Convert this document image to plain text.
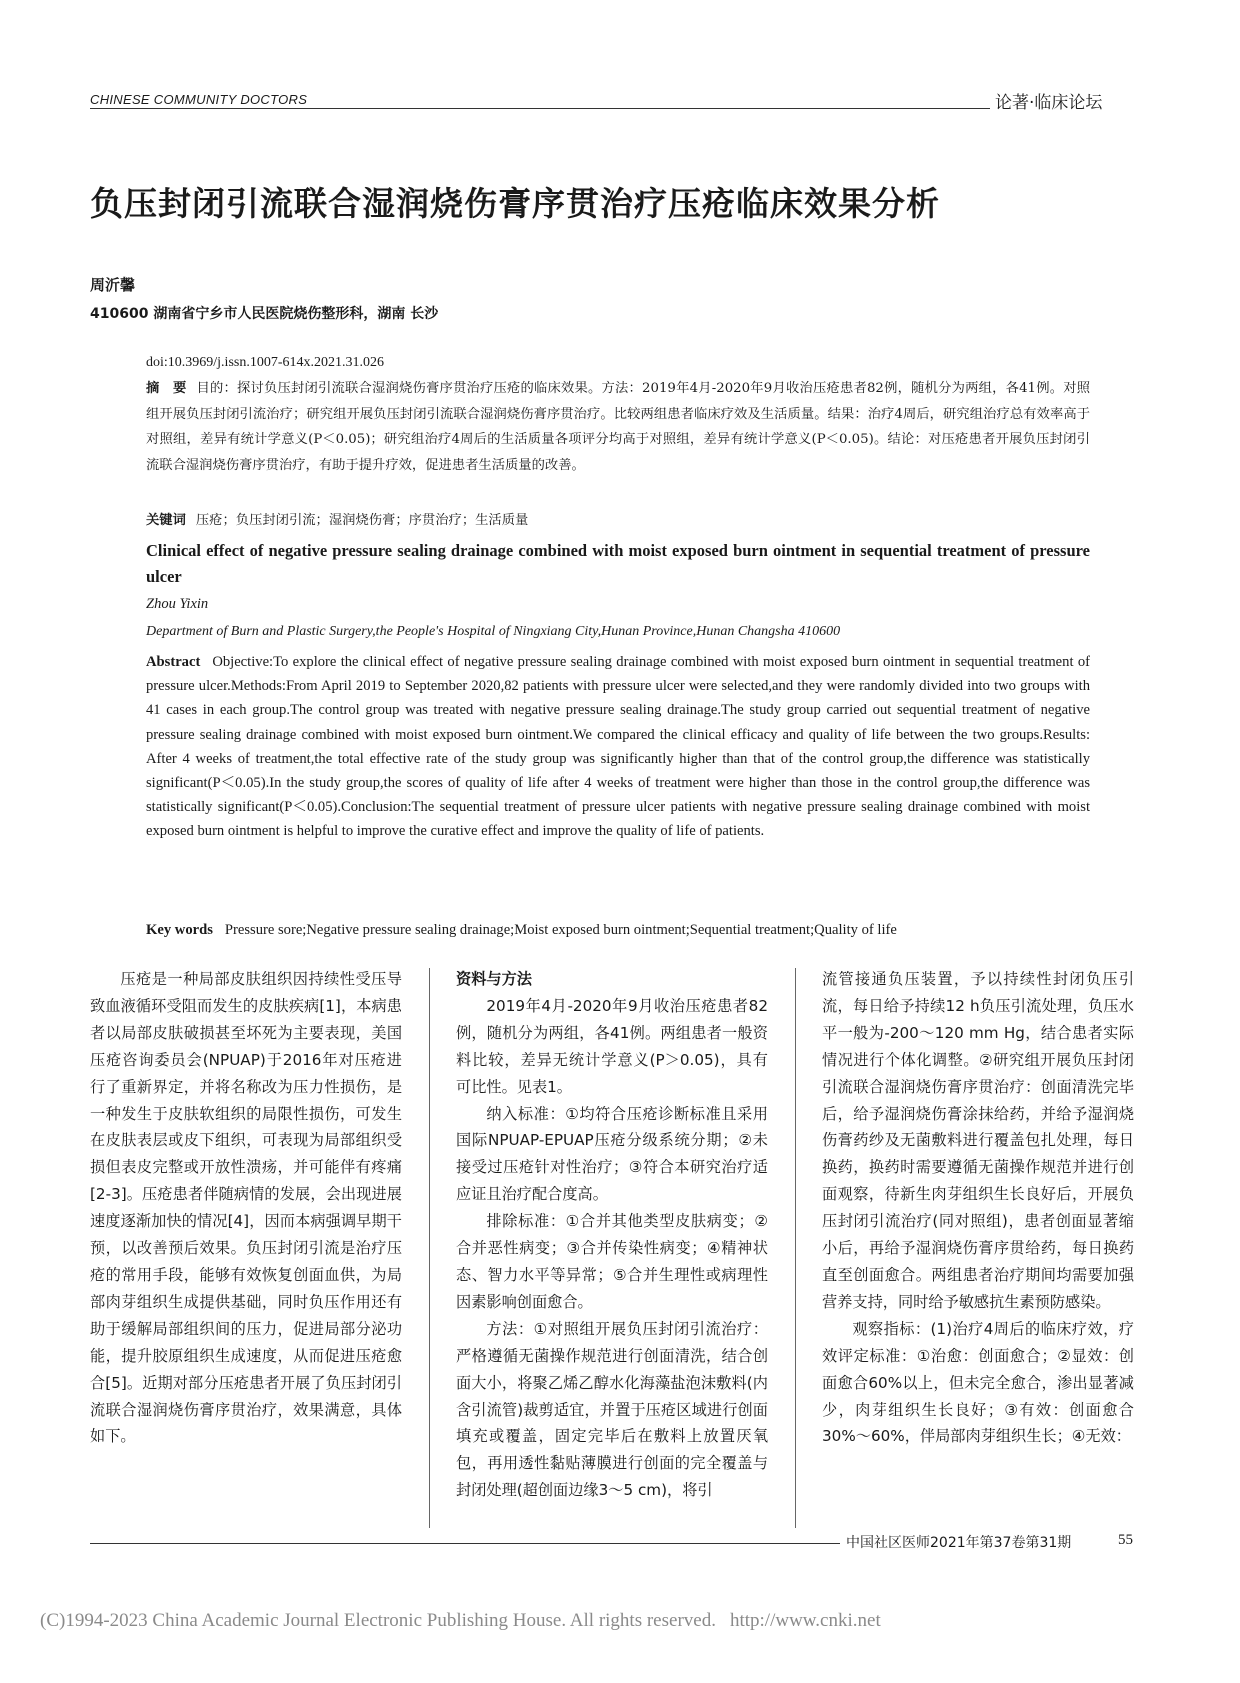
CHINESE COMMUNITY DOCTORS	论著·临床论坛
负压封闭引流联合湿润烧伤膏序贯治疗压疮临床效果分析
周沂馨
410600 湖南省宁乡市人民医院烧伤整形科，湖南 长沙
doi:10.3969/j.issn.1007-614x.2021.31.026
摘　要 目的：探讨负压封闭引流联合湿润烧伤膏序贯治疗压疮的临床效果。方法：2019年4月-2020年9月收治压疮患者82例，随机分为两组，各41例。对照组开展负压封闭引流治疗；研究组开展负压封闭引流联合湿润烧伤膏序贯治疗。比较两组患者临床疗效及生活质量。结果：治疗4周后，研究组治疗总有效率高于对照组，差异有统计学意义(P＜0.05)；研究组治疗4周后的生活质量各项评分均高于对照组，差异有统计学意义(P＜0.05)。结论：对压疮患者开展负压封闭引流联合湿润烧伤膏序贯治疗，有助于提升疗效，促进患者生活质量的改善。
关键词 压疮；负压封闭引流；湿润烧伤膏；序贯治疗；生活质量
Clinical effect of negative pressure sealing drainage combined with moist exposed burn ointment in sequential treatment of pressure ulcer
Zhou Yixin
Department of Burn and Plastic Surgery,the People's Hospital of Ningxiang City,Hunan Province,Hunan Changsha 410600
Abstract Objective:To explore the clinical effect of negative pressure sealing drainage combined with moist exposed burn ointment in sequential treatment of pressure ulcer.Methods:From April 2019 to September 2020,82 patients with pressure ulcer were selected,and they were randomly divided into two groups with 41 cases in each group.The control group was treated with negative pressure sealing drainage.The study group carried out sequential treatment of negative pressure sealing drainage combined with moist exposed burn ointment.We compared the clinical efficacy and quality of life between the two groups.Results: After 4 weeks of treatment,the total effective rate of the study group was significantly higher than that of the control group,the difference was statistically significant(P＜0.05).In the study group,the scores of quality of life after 4 weeks of treatment were higher than those in the control group,the difference was statistically significant(P＜0.05).Conclusion:The sequential treatment of pressure ulcer patients with negative pressure sealing drainage combined with moist exposed burn ointment is helpful to improve the curative effect and improve the quality of life of patients.
Key words Pressure sore;Negative pressure sealing drainage;Moist exposed burn ointment;Sequential treatment;Quality of life

压疮是一种局部皮肤组织因持续性受压导致血液循环受阻而发生的皮肤疾病[1]，本病患者以局部皮肤破损甚至坏死为主要表现，美国压疮咨询委员会(NPUAP)于2016年对压疮进行了重新界定，并将名称改为压力性损伤，是一种发生于皮肤软组织的局限性损伤，可发生在皮肤表层或皮下组织，可表现为局部组织受损但表皮完整或开放性溃疡，并可能伴有疼痛[2-3]。压疮患者伴随病情的发展，会出现进展速度逐渐加快的情况[4]，因而本病强调早期干预，以改善预后效果。负压封闭引流是治疗压疮的常用手段，能够有效恢复创面血供，为局部肉芽组织生成提供基础，同时负压作用还有助于缓解局部组织间的压力，促进局部分泌功能，提升胶原组织生成速度，从而促进压疮愈合[5]。近期对部分压疮患者开展了负压封闭引流联合湿润烧伤膏序贯治疗，效果满意，具体如下。

资料与方法

2019年4月-2020年9月收治压疮患者82例，随机分为两组，各41例。两组患者一般资料比较，差异无统计学意义(P＞0.05)，具有可比性。见表1。

纳入标准：①均符合压疮诊断标准且采用国际NPUAP-EPUAP压疮分级系统分期；②未接受过压疮针对性治疗；③符合本研究治疗适应证且治疗配合度高。

排除标准：①合并其他类型皮肤病变；②合并恶性病变；③合并传染性病变；④精神状态、智力水平等异常；⑤合并生理性或病理性因素影响创面愈合。

方法：①对照组开展负压封闭引流治疗：严格遵循无菌操作规范进行创面清洗，结合创面大小，将聚乙烯乙醇水化海藻盐泡沫敷料(内含引流管)裁剪适宜，并置于压疮区域进行创面填充或覆盖，固定完毕后在敷料上放置厌氧包，再用透性黏贴薄膜进行创面的完全覆盖与封闭处理(超创面边缘3～5 cm)，将引

流管接通负压装置，予以持续性封闭负压引流，每日给予持续12 h负压引流处理，负压水平一般为-200～120 mm Hg，结合患者实际情况进行个体化调整。②研究组开展负压封闭引流联合湿润烧伤膏序贯治疗：创面清洗完毕后，给予湿润烧伤膏涂抹给药，并给予湿润烧伤膏药纱及无菌敷料进行覆盖包扎处理，每日换药，换药时需要遵循无菌操作规范并进行创面观察，待新生肉芽组织生长良好后，开展负压封闭引流治疗(同对照组)，患者创面显著缩小后，再给予湿润烧伤膏序贯给药，每日换药直至创面愈合。两组患者治疗期间均需要加强营养支持，同时给予敏感抗生素预防感染。

观察指标：(1)治疗4周后的临床疗效，疗效评定标准：①治愈：创面愈合；②显效：创面愈合60%以上，但未完全愈合，渗出显著减少，肉芽组织生长良好；③有效：创面愈合30%～60%，伴局部肉芽组织生长；④无效：

中国社区医师2021年第37卷第31期	55
(C)1994-2023 China Academic Journal Electronic Publishing House. All rights reserved. http://www.cnki.net
